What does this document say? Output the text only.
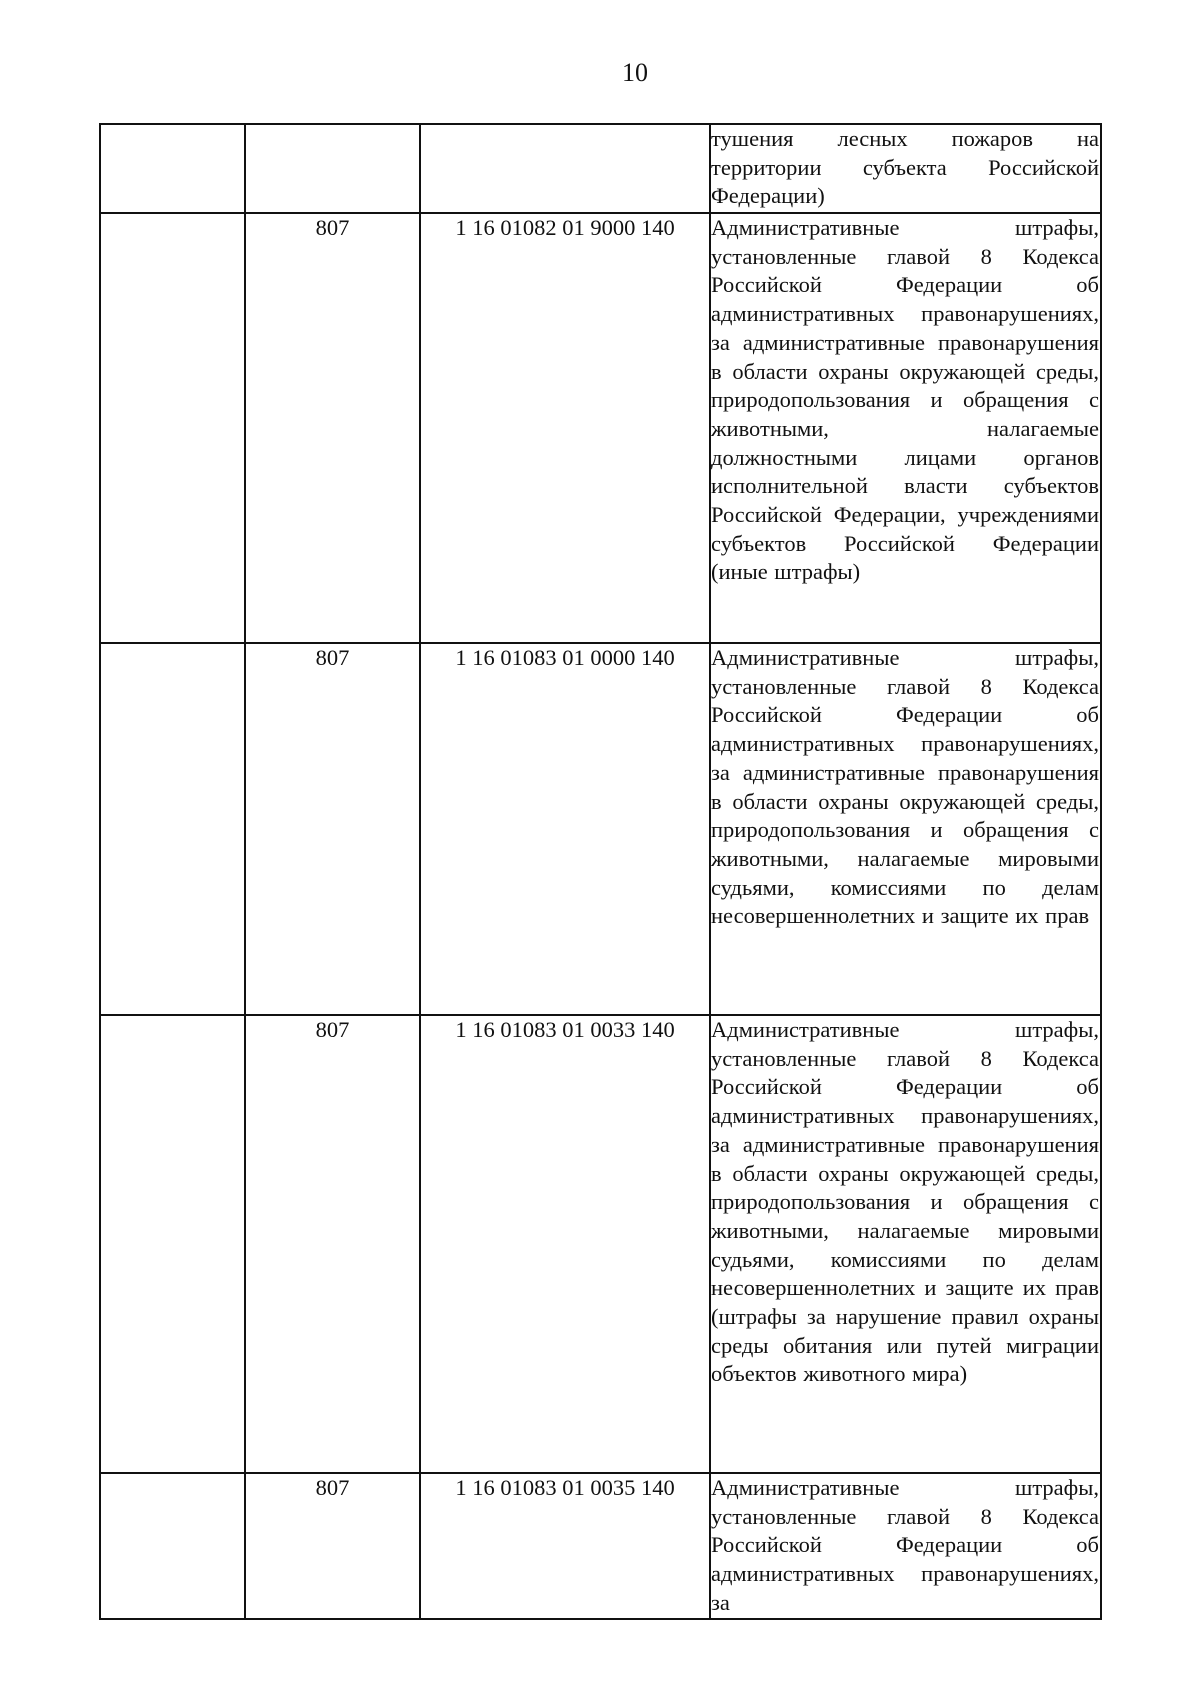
10
			тушения лесных пожаров на территории субъекта Российской Федерации)
	807	1 16 01082 01 9000 140	Административные штрафы, установленные главой 8 Кодекса Российской Федерации об административных правонарушениях, за административные правонарушения в области охраны окружающей среды, природопользования и обращения с животными, налагаемые должностными лицами органов исполнительной власти субъектов Российской Федерации, учреждениями субъектов Российской Федерации (иные штрафы)
	807	1 16 01083 01 0000 140	Административные штрафы, установленные главой 8 Кодекса Российской Федерации об административных правонарушениях, за административные правонарушения в области охраны окружающей среды, природопользования и обращения с животными, налагаемые мировыми судьями, комиссиями по делам несовершеннолетних и защите их прав
	807	1 16 01083 01 0033 140	Административные штрафы, установленные главой 8 Кодекса Российской Федерации об административных правонарушениях, за административные правонарушения в области охраны окружающей среды, природопользования и обращения с животными, налагаемые мировыми судьями, комиссиями по делам несовершеннолетних и защите их прав (штрафы за нарушение правил охраны среды обитания или путей миграции объектов животного мира)
	807	1 16 01083 01 0035 140	Административные штрафы, установленные главой 8 Кодекса Российской Федерации об административных правонарушениях, за
